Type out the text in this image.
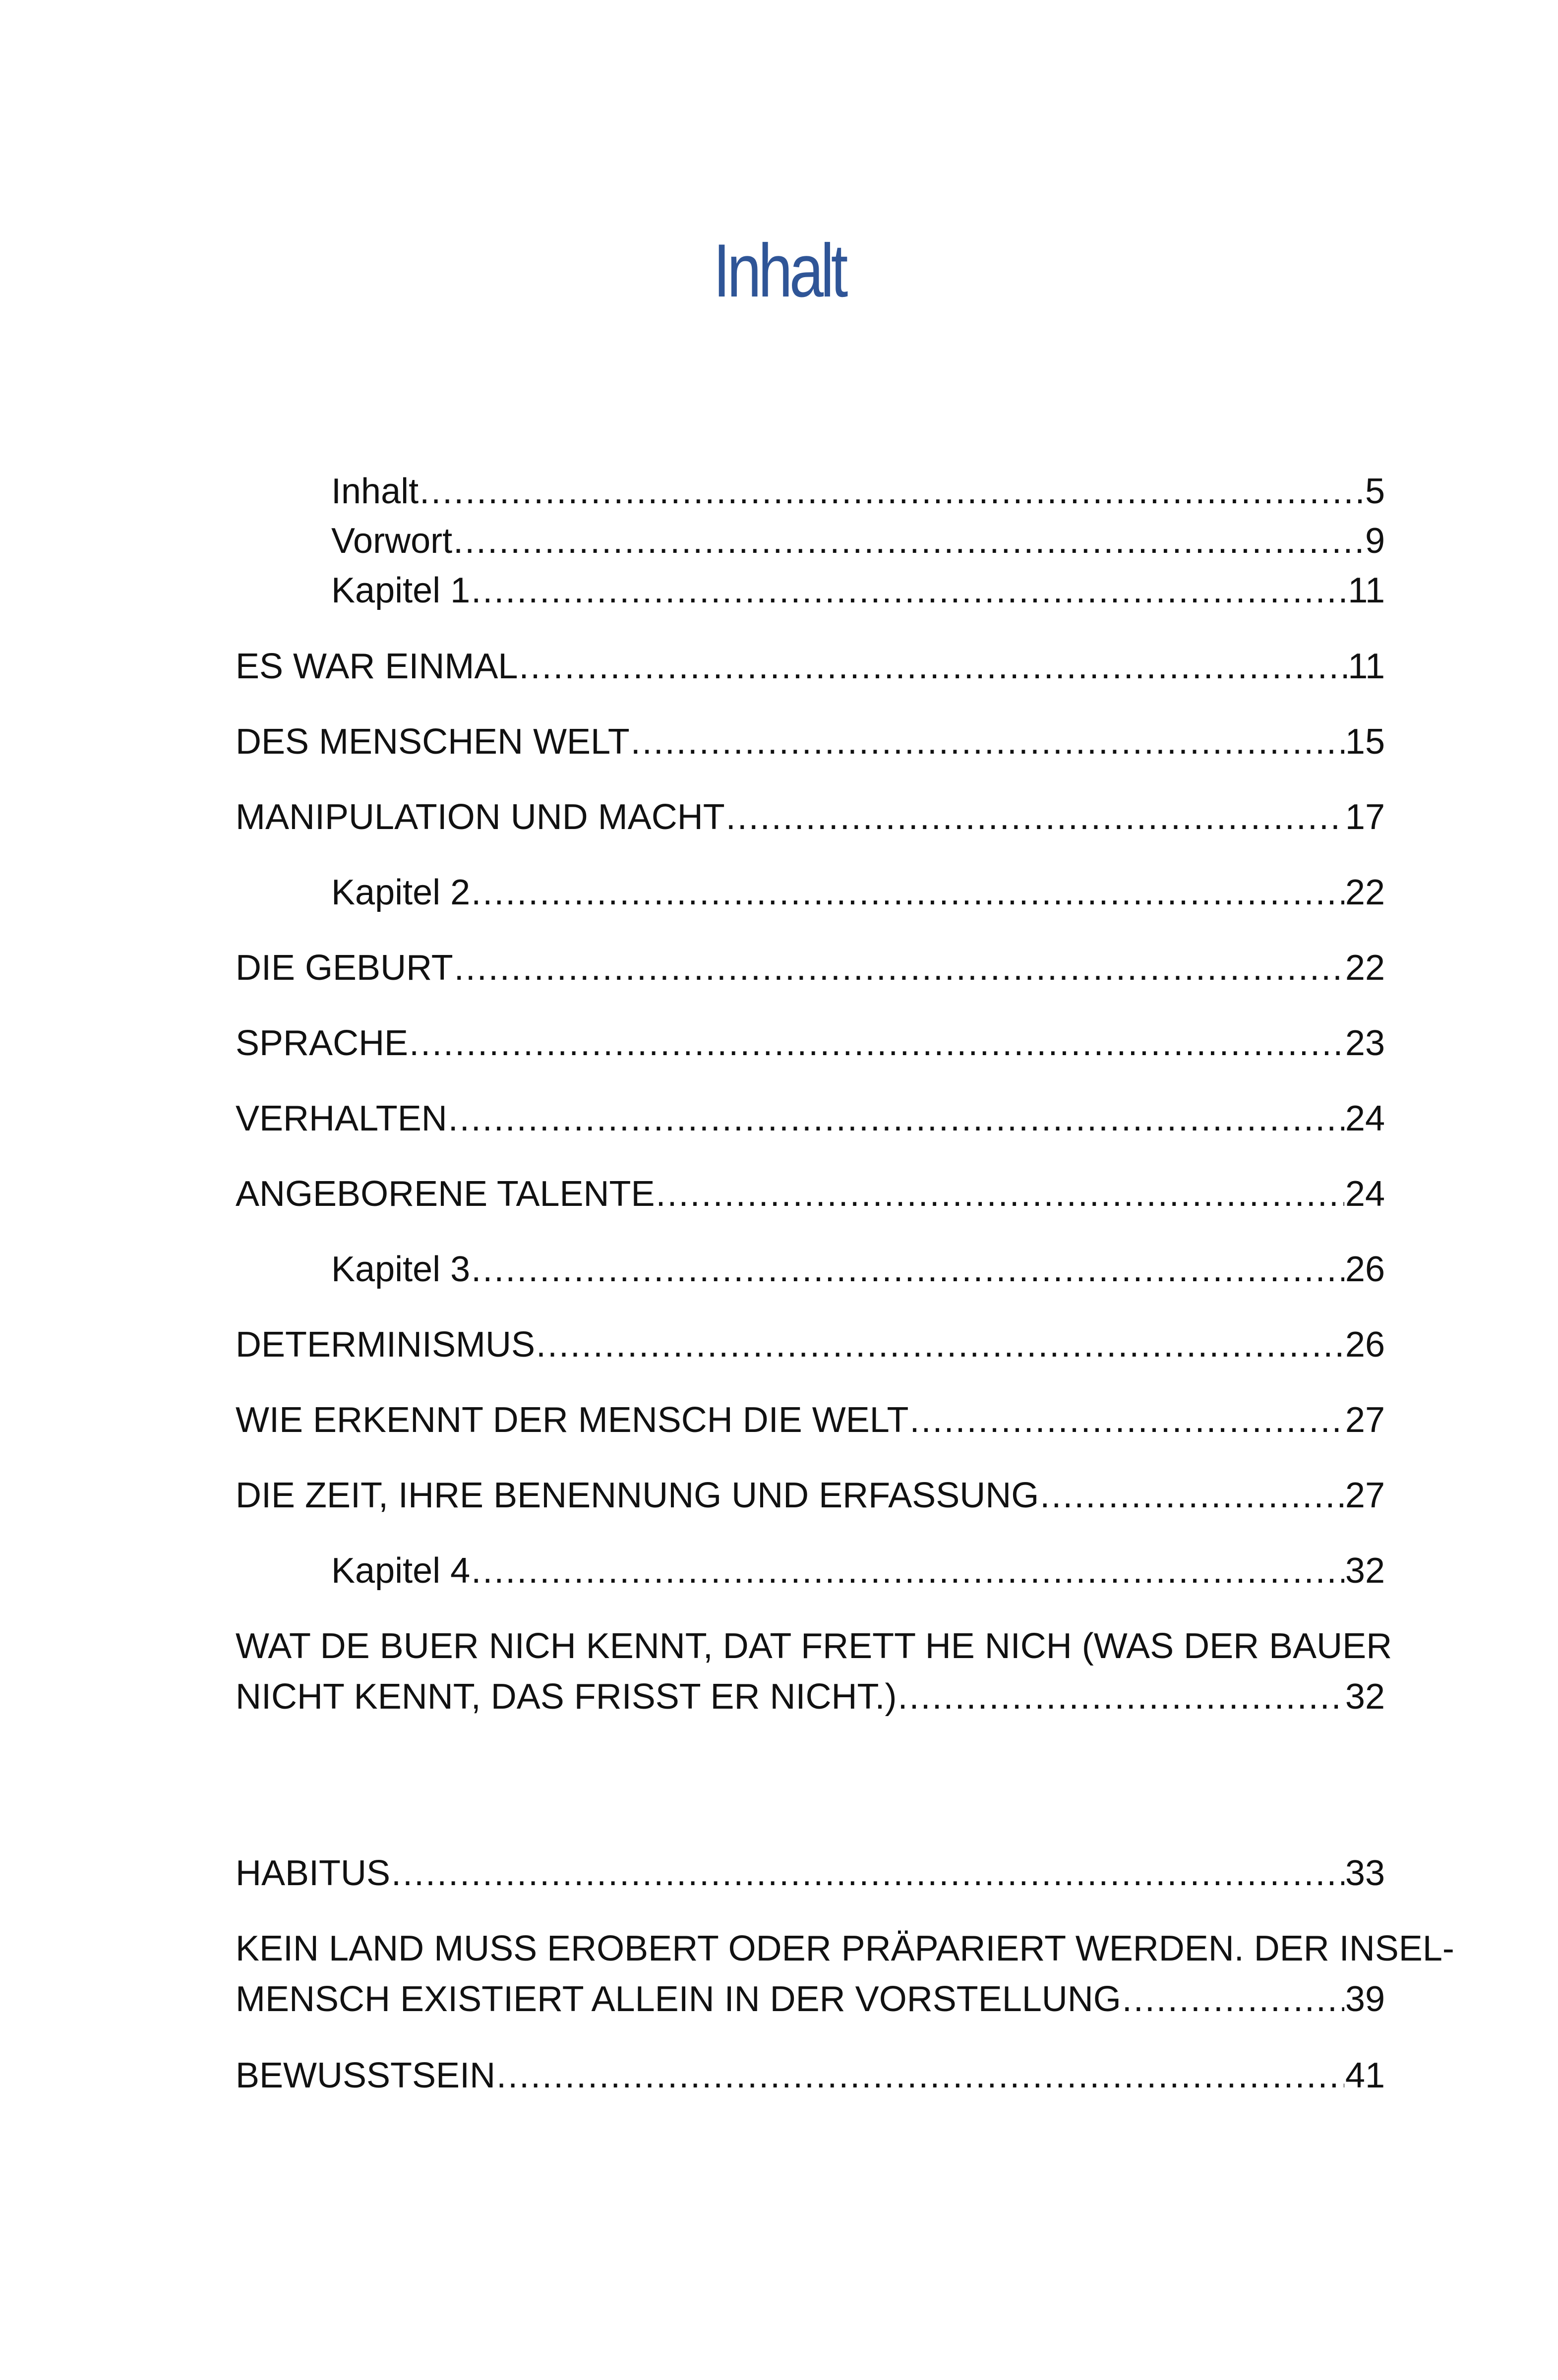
Inhalt
Inhalt .....	5
Vorwort .....	9
Kapitel 1 .....	11
ES WAR EINMAL .....	11
DES MENSCHEN WELT .....	15
MANIPULATION UND MACHT .....	17
Kapitel 2 .....	22
DIE GEBURT .....	22
SPRACHE .....	23
VERHALTEN .....	24
ANGEBORENE TALENTE .....	24
Kapitel 3 .....	26
DETERMINISMUS .....	26
WIE ERKENNT DER MENSCH DIE WELT .....	27
DIE ZEIT, IHRE BENENNUNG UND ERFASSUNG .....	27
Kapitel 4 .....	32
WAT DE BUER NICH KENNT, DAT FRETT HE NICH (WAS DER BAUER
NICHT KENNT, DAS FRISST ER NICHT.) .....	32
HABITUS .....	33
KEIN LAND MUSS EROBERT ODER PRÄPARIERT WERDEN. DER INSEL-
MENSCH EXISTIERT ALLEIN IN DER VORSTELLUNG .....	39
BEWUSSTSEIN .....	41
